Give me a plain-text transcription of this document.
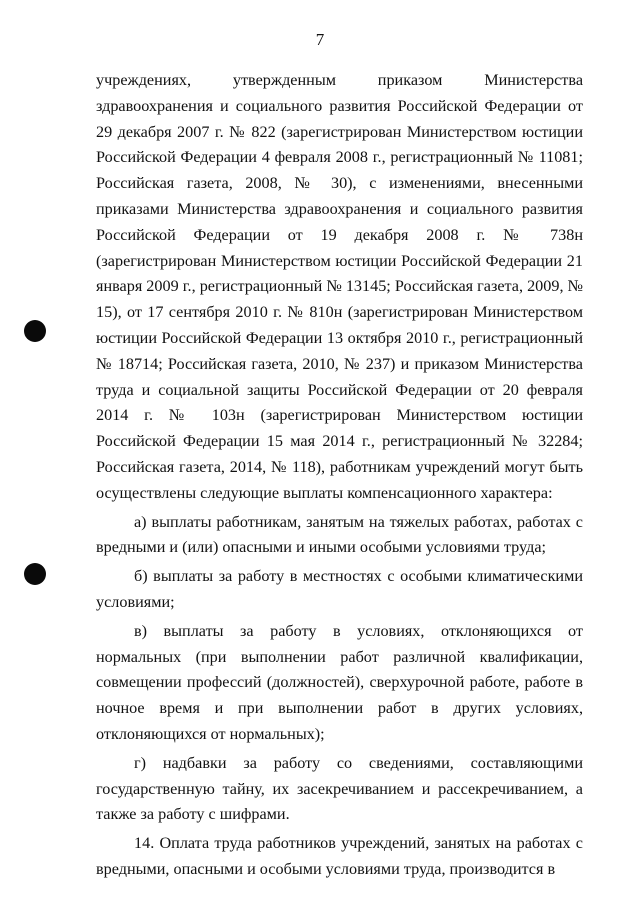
7

учреждениях, утвержденным приказом Министерства здравоохранения и социального развития Российской Федерации от 29 декабря 2007 г. № 822 (зарегистрирован Министерством юстиции Российской Федерации 4 февраля 2008 г., регистрационный № 11081; Российская газета, 2008, № 30), с изменениями, внесенными приказами Министерства здравоохранения и социального развития Российской Федерации от 19 декабря 2008 г. № 738н (зарегистрирован Министерством юстиции Российской Федерации 21 января 2009 г., регистрационный № 13145; Российская газета, 2009, № 15), от 17 сентября 2010 г. № 810н (зарегистрирован Министерством юстиции Российской Федерации 13 октября 2010 г., регистрационный № 18714; Российская газета, 2010, № 237) и приказом Министерства труда и социальной защиты Российской Федерации от 20 февраля 2014 г. № 103н (зарегистрирован Министерством юстиции Российской Федерации 15 мая 2014 г., регистрационный № 32284; Российская газета, 2014, № 118), работникам учреждений могут быть осуществлены следующие выплаты компенсационного характера:

а) выплаты работникам, занятым на тяжелых работах, работах с вредными и (или) опасными и иными особыми условиями труда;

б) выплаты за работу в местностях с особыми климатическими условиями;

в) выплаты за работу в условиях, отклоняющихся от нормальных (при выполнении работ различной квалификации, совмещении профессий (должностей), сверхурочной работе, работе в ночное время и при выполнении работ в других условиях, отклоняющихся от нормальных);

г) надбавки за работу со сведениями, составляющими государственную тайну, их засекречиванием и рассекречиванием, а также за работу с шифрами.

14. Оплата труда работников учреждений, занятых на работах с вредными, опасными и особыми условиями труда, производится в
